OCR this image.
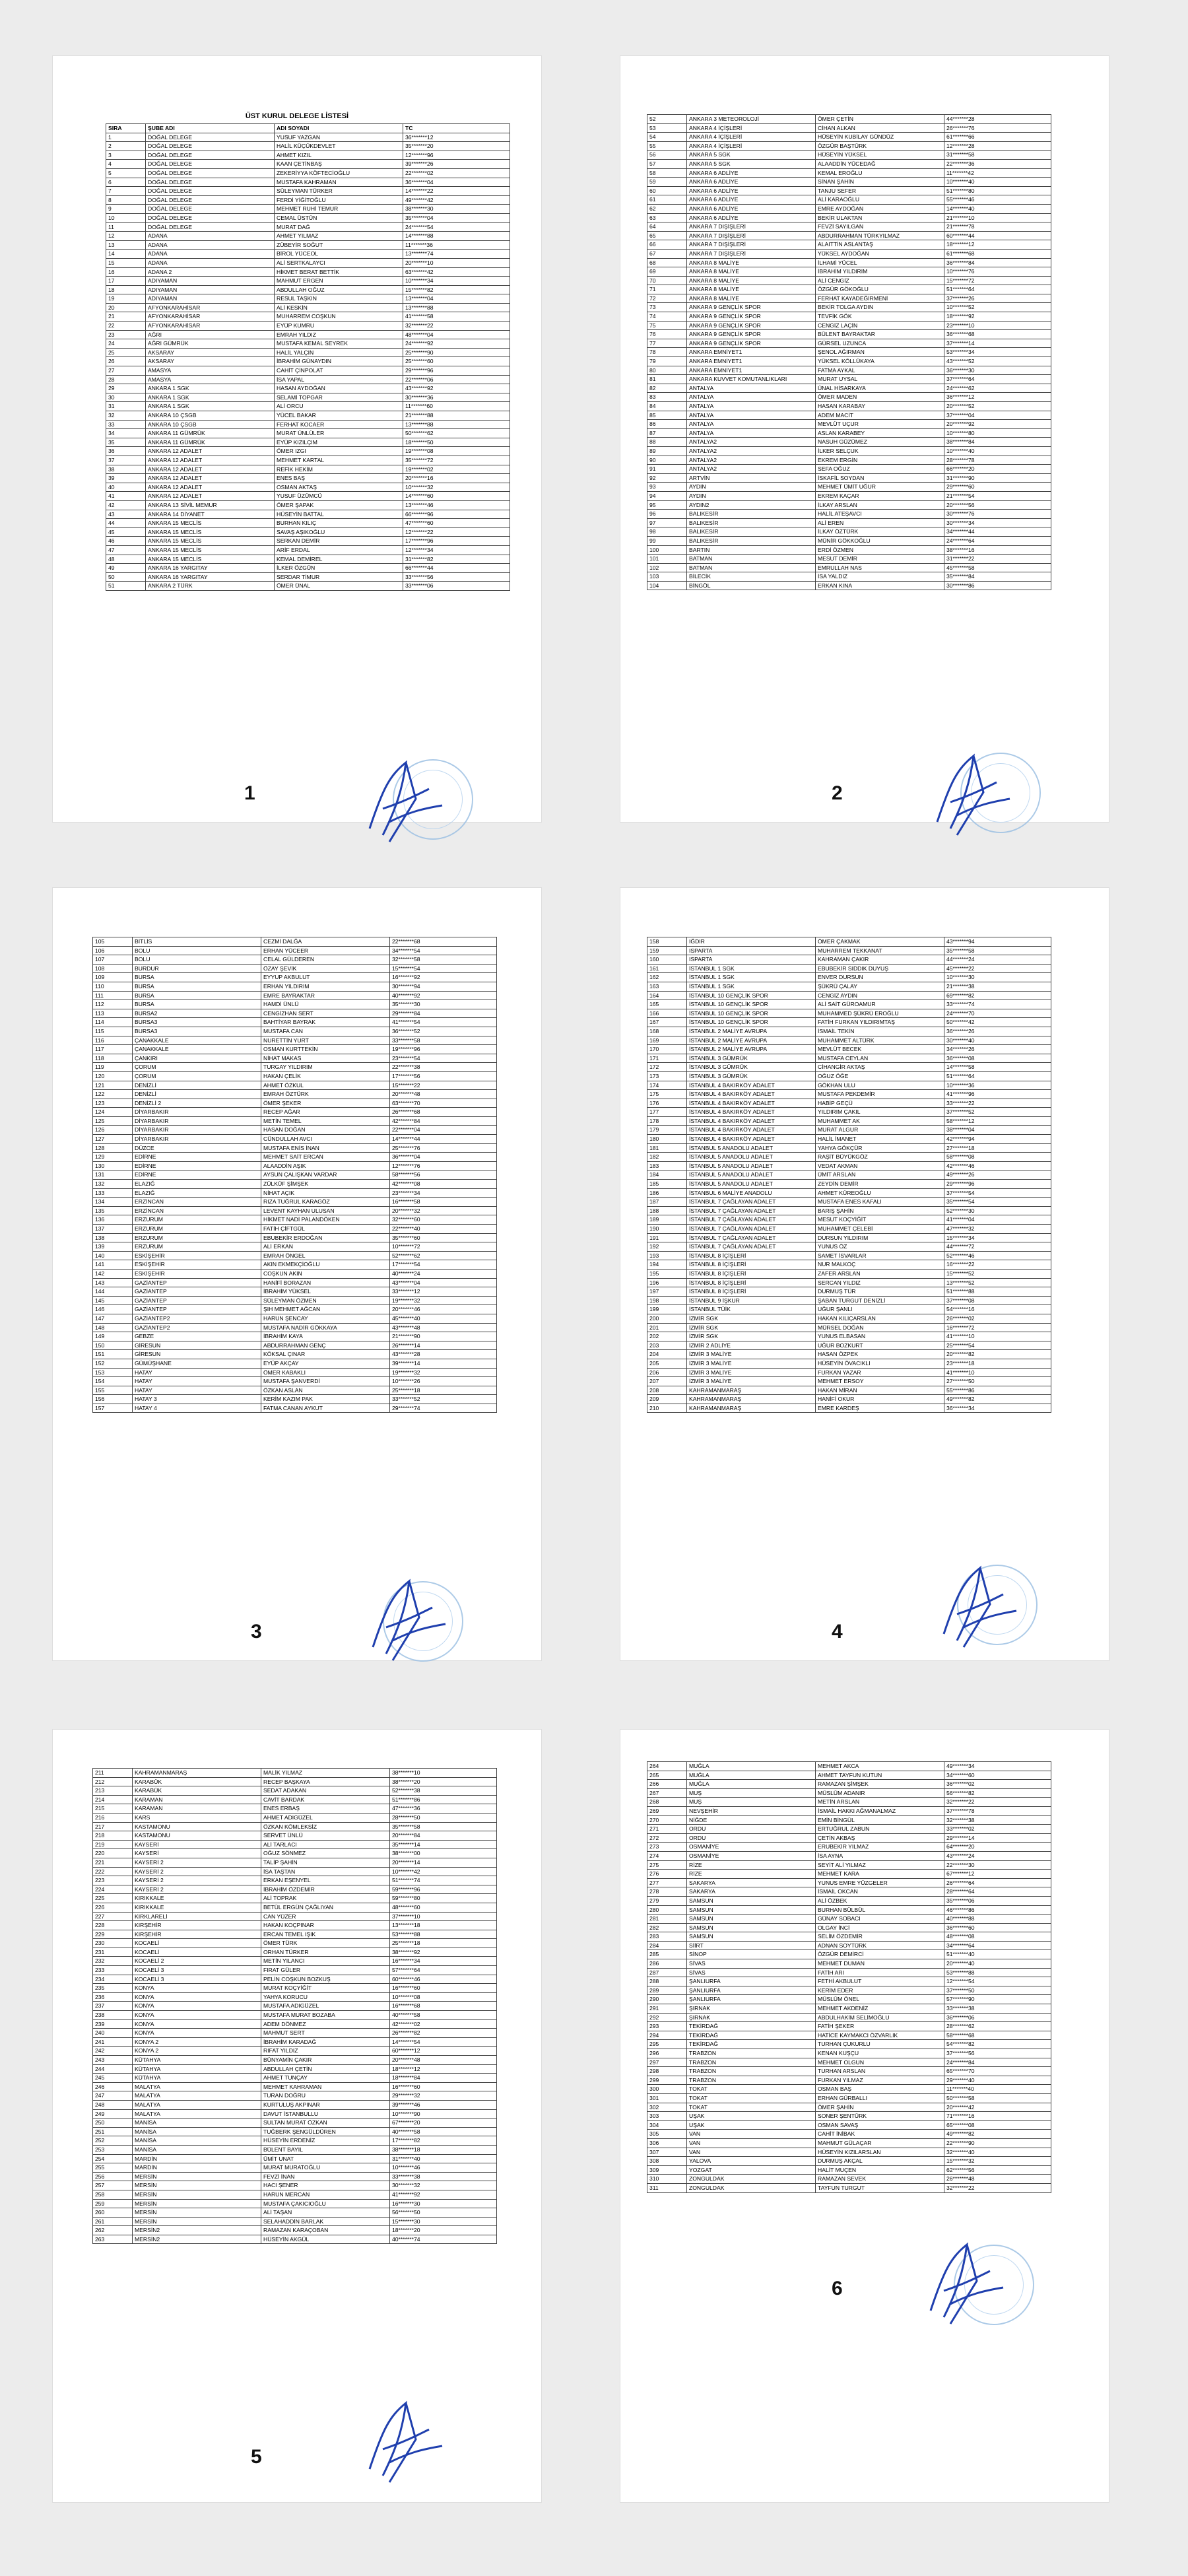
ÜST KURUL DELEGE LİSTESİ
SIRA	ŞUBE ADI	ADI SOYADI	TC
1	DOĞAL DELEGE	YUSUF YAZGAN	36*******12
2	DOĞAL DELEGE	HALİL KÜÇÜKDEVLET	35*******20
3	DOĞAL DELEGE	AHMET KIZIL	12*******96
4	DOĞAL DELEGE	KAAN ÇETİNBAŞ	39*******26
5	DOĞAL DELEGE	ZEKERİYYA KÖFTECİOĞLU	22*******02
6	DOĞAL DELEGE	MUSTAFA KAHRAMAN	36*******04
7	DOĞAL DELEGE	SÜLEYMAN TÜRKER	14*******22
8	DOĞAL DELEGE	FERDİ YİĞİTOĞLU	49*******42
9	DOĞAL DELEGE	MEHMET RUHİ TEMUR	38*******30
10	DOĞAL DELEGE	CEMAL ÜSTÜN	35*******04
11	DOĞAL DELEGE	MURAT DAĞ	24*******54
12	ADANA	AHMET YILMAZ	14*******88
13	ADANA	ZÜBEYİR SOĞUT	11*******36
14	ADANA	BİROL YÜCEOL	13*******74
15	ADANA	ALİ SERTKALAYCI	20*******10
16	ADANA 2	HİKMET BERAT BETTİK	63*******42
17	ADIYAMAN	MAHMUT ERGEN	10*******34
18	ADIYAMAN	ABDULLAH OĞUZ	15*******82
19	ADIYAMAN	RESUL TAŞKIN	13*******04
20	AFYONKARAHİSAR	ALİ KESKİN	13*******88
21	AFYONKARAHİSAR	MUHARREM COŞKUN	41*******58
22	AFYONKARAHİSAR	EYÜP KUMRU	32*******22
23	AĞRI	EMRAH YILDIZ	48*******04
24	AĞRI GÜMRÜK	MUSTAFA KEMAL SEYREK	24*******92
25	AKSARAY	HALİL YALÇIN	25*******90
26	AKSARAY	İBRAHİM GÜNAYDIN	25*******60
27	AMASYA	CAHİT ÇİNPOLAT	29*******96
28	AMASYA	İSA YAPAL	22*******06
29	ANKARA 1 SGK	HASAN AYDOĞAN	43*******92
30	ANKARA 1 SGK	SELAMİ TOPGAR	30*******36
31	ANKARA 1 SGK	ALİ ORCU	11*******60
32	ANKARA 10 ÇSGB	YÜCEL BAKAR	21*******88
33	ANKARA 10 ÇSGB	FERHAT KOCAER	13*******88
34	ANKARA 11 GÜMRÜK	MURAT ÜNLÜLER	50*******62
35	ANKARA 11 GÜMRÜK	EYÜP KIZILÇIM	18*******50
36	ANKARA 12 ADALET	ÖMER IZGI	19*******08
37	ANKARA 12 ADALET	MEHMET KARTAL	35*******72
38	ANKARA 12 ADALET	REFİK HEKİM	19*******02
39	ANKARA 12 ADALET	ENES BAŞ	20*******16
40	ANKARA 12 ADALET	OSMAN AKTAŞ	10*******32
41	ANKARA 12 ADALET	YUSUF ÜZÜMCÜ	14*******60
42	ANKARA 13 SİVİL MEMUR	ÖMER ŞAPAK	13*******46
43	ANKARA 14 DİYANET	HÜSEYİN BATTAL	66*******96
44	ANKARA 15 MECLİS	BURHAN KILIÇ	47*******60
45	ANKARA 15 MECLİS	SAVAŞ AŞIKOĞLU	12*******22
46	ANKARA 15 MECLİS	SERKAN DEMİR	17*******96
47	ANKARA 15 MECLİS	ARİF ERDAL	12*******34
48	ANKARA 15 MECLİS	KEMAL DEMİREL	31*******82
49	ANKARA 16 YARGITAY	İLKER ÖZGÜN	66*******44
50	ANKARA 16 YARGITAY	SERDAR TİMUR	33*******56
51	ANKARA 2 TÜRK	ÖMER ÜNAL	33*******06
1
52	ANKARA 3 METEOROLOJİ	ÖMER ÇETİN	44*******28
53	ANKARA 4 İÇİŞLERİ	CİHAN ALKAN	26*******76
54	ANKARA 4 İÇİŞLERİ	HÜSEYİN KUBİLAY GÜNDÜZ	61*******66
55	ANKARA 4 İÇİŞLERİ	ÖZGÜR BAŞTÜRK	12*******28
56	ANKARA 5 SGK	HÜSEYİN YÜKSEL	31*******58
57	ANKARA 5 SGK	ALAADDİN YÜCEDAĞ	22*******36
58	ANKARA 6 ADLİYE	KEMAL EROĞLU	11*******42
59	ANKARA 6 ADLİYE	SİNAN ŞAHİN	10*******40
60	ANKARA 6 ADLİYE	TANJU SEFER	51*******80
61	ANKARA 6 ADLİYE	ALİ KARAOĞLU	55*******46
62	ANKARA 6 ADLİYE	EMRE AYDOĞAN	14*******40
63	ANKARA 6 ADLİYE	BEKİR ULAKTAN	21*******10
64	ANKARA 7 DIŞİŞLERİ	FEVZİ SAYILGAN	21*******78
65	ANKARA 7 DIŞİŞLERİ	ABDURRAHMAN TÜRKYILMAZ	60*******44
66	ANKARA 7 DIŞİŞLERİ	ALAITTİN ASLANTAŞ	18*******12
67	ANKARA 7 DIŞİŞLERİ	YÜKSEL AYDOĞAN	61*******68
68	ANKARA 8 MALİYE	İLHAMİ YÜCEL	36*******84
69	ANKARA 8 MALİYE	İBRAHİM YILDIRIM	10*******76
70	ANKARA 8 MALİYE	ALİ CENGİZ	15*******72
71	ANKARA 8 MALİYE	ÖZGÜR GÖKOĞLU	51*******64
72	ANKARA 8 MALİYE	FERHAT KAYADEĞİRMENİ	37*******26
73	ANKARA 9 GENÇLİK SPOR	BEKİR TOLGA AYDIN	10*******52
74	ANKARA 9 GENÇLİK SPOR	TEVFİK GÖK	18*******92
75	ANKARA 9 GENÇLİK SPOR	CENGİZ LAÇİN	23*******10
76	ANKARA 9 GENÇLİK SPOR	BÜLENT BAYRAKTAR	36*******68
77	ANKARA 9 GENÇLİK SPOR	GÜRSEL UZUNCA	37*******14
78	ANKARA EMNİYET1	ŞENOL AĞIRMAN	53*******34
79	ANKARA EMNİYET1	YÜKSEL KÖLLÜKAYA	43*******52
80	ANKARA EMNİYET1	FATMA AYKAL	36*******30
81	ANKARA KUVVET KOMUTANLIKLARI	MURAT UYSAL	37*******64
82	ANTALYA	ÜNAL HİSARKAYA	24*******62
83	ANTALYA	ÖMER MADEN	36*******12
84	ANTALYA	HASAN KARABAY	20*******52
85	ANTALYA	ADEM MACİT	37*******04
86	ANTALYA	MEVLÜT UÇUR	20*******92
87	ANTALYA	ASLAN KARABEY	10*******80
88	ANTALYA2	NASUH GÜZÜMEZ	38*******84
89	ANTALYA2	İLKER SELÇUK	10*******40
90	ANTALYA2	EKREM ERGİN	28*******78
91	ANTALYA2	SEFA OĞUZ	66*******20
92	ARTVİN	İSKAFİL SOYDAN	31*******90
93	AYDIN	MEHMET ÜMİT UĞUR	29*******60
94	AYDIN	EKREM KAÇAR	21*******54
95	AYDIN2	İLKAY ARSLAN	20*******56
96	BALIKESİR	HALİL ATEŞAVCI	30*******76
97	BALIKESİR	ALİ EREN	30*******34
98	BALIKESİR	İLKAY ÖZTÜRK	34*******44
99	BALIKESİR	MÜNİR GÖKKOĞLU	24*******64
100	BARTIN	ERDİ ÖZMEN	38*******16
101	BATMAN	MESUT DEMİR	31*******22
102	BATMAN	EMRULLAH NAS	45*******58
103	BİLECİK	İSA YALDIZ	35*******84
104	BİNGÖL	ERKAN KINA	30*******86
2
105	BİTLİS	CEZMİ DALĞA	22*******68
106	BOLU	ERHAN YÜCEER	34*******54
107	BOLU	CELAL GÜLDEREN	32*******58
108	BURDUR	ÖZAY ŞEVİK	15*******54
109	BURSA	EYYUP AKBULUT	16*******92
110	BURSA	ERHAN YILDIRIM	30*******94
111	BURSA	EMRE BAYRAKTAR	40*******92
112	BURSA	HAMDİ ÜNLÜ	35*******30
113	BURSA2	CENGİZHAN SERT	29*******84
114	BURSA3	BAHTİYAR BAYRAK	41*******54
115	BURSA3	MUSTAFA CAN	36*******52
116	ÇANAKKALE	NURETTİN YURT	33*******58
117	ÇANAKKALE	OSMAN KURTTEKİN	19*******96
118	ÇANKIRI	NİHAT MAKAS	23*******54
119	ÇORUM	TURGAY YILDIRIM	22*******38
120	ÇORUM	HAKAN ÇELİK	17*******56
121	DENİZLİ	AHMET ÖZKUL	15*******22
122	DENİZLİ	EMRAH ÖZTÜRK	20*******48
123	DENİZLİ 2	ÖMER ŞEKER	63*******70
124	DİYARBAKIR	RECEP AĞAR	26*******68
125	DİYARBAKIR	METİN TEMEL	42*******84
126	DİYARBAKIR	HASAN DOĞAN	22*******04
127	DİYARBAKIR	CÜNDULLAH AVCI	14*******44
128	DÜZCE	MUSTAFA ENİS İNAN	25*******76
129	EDİRNE	MEHMET SAİT ERCAN	36*******04
130	EDİRNE	ALAADDİN AŞIK	12*******76
131	EDİRNE	AYSUN ÇALIŞKAN VARDAR	58*******56
132	ELAZIĞ	ZÜLKÜF ŞİMŞEK	42*******08
133	ELAZIĞ	NİHAT AÇIK	23*******34
134	ERZİNCAN	RIZA TUĞRUL KARAGÖZ	16*******58
135	ERZİNCAN	LEVENT KAYHAN ULUSAN	20*******32
136	ERZURUM	HİKMET NADİ PALANDÖKEN	32*******60
137	ERZURUM	FATİH ÇİFTGÜL	22*******40
138	ERZURUM	EBUBEKİR ERDOĞAN	35*******60
139	ERZURUM	ALİ ERKAN	10*******72
140	ESKİŞEHİR	EMRAH ÖNGEL	52*******62
141	ESKİŞEHİR	AKIN EKMEKÇİOĞLU	17*******54
142	ESKİŞEHİR	COŞKUN AKIN	40*******24
143	GAZİANTEP	HANİFİ BORAZAN	43*******04
144	GAZİANTEP	İBRAHİM YÜKSEL	33*******12
145	GAZİANTEP	SÜLEYMAN ÖZMEN	19*******32
146	GAZİANTEP	ŞIH MEHMET AĞCAN	20*******46
147	GAZİANTEP2	HARUN ŞENCAY	45*******40
148	GAZİANTEP2	MUSTAFA NADİR GÖKKAYA	43*******48
149	GEBZE	İBRAHİM KAYA	21*******90
150	GİRESUN	ABDURRAHMAN GENÇ	26*******14
151	GİRESUN	KÖKSAL ÇINAR	43*******28
152	GÜMÜŞHANE	EYÜP AKÇAY	39*******14
153	HATAY	ÖMER KABAKLI	19*******32
154	HATAY	MUSTAFA ŞANVERDİ	10*******26
155	HATAY	ÖZKAN ASLAN	25*******18
156	HATAY 3	KERİM KAZIM PAK	33*******52
157	HATAY 4	FATMA CANAN AYKUT	29*******74
3
158	IĞDIR	ÖMER ÇAKMAK	43*******94
159	ISPARTA	MUHARREM TEKKANAT	35*******58
160	ISPARTA	KAHRAMAN ÇAKIR	44*******24
161	İSTANBUL 1 SGK	EBUBEKİR SIDDIK DUYUŞ	45*******22
162	İSTANBUL 1 SGK	ENVER DURSUN	10*******30
163	İSTANBUL 1 SGK	ŞÜKRÜ ÇALAY	21*******38
164	İSTANBUL 10 GENÇLİK SPOR	CENGİZ AYDIN	69*******82
165	İSTANBUL 10 GENÇLİK SPOR	ALİ SAİT GÜROAMUR	33*******74
166	İSTANBUL 10 GENÇLİK SPOR	MUHAMMED ŞÜKRÜ EROĞLU	24*******70
167	İSTANBUL 10 GENÇLİK SPOR	FATİH FURKAN YILDIRIMTAŞ	50*******42
168	İSTANBUL 2 MALİYE AVRUPA	İSMAİL TEKİN	36*******26
169	İSTANBUL 2 MALİYE AVRUPA	MUHAMMET ALTÜRK	30*******40
170	İSTANBUL 2 MALİYE AVRUPA	MEVLÜT BECEK	34*******26
171	İSTANBUL 3 GÜMRÜK	MUSTAFA CEYLAN	36*******08
172	İSTANBUL 3 GÜMRÜK	CİHANGİR AKTAŞ	14*******58
173	İSTANBUL 3 GÜMRÜK	OĞUZ ÖĞE	51*******64
174	İSTANBUL 4 BAKIRKÖY ADALET	GÖKHAN ULU	10*******36
175	İSTANBUL 4 BAKIRKÖY ADALET	MUSTAFA PEKDEMİR	41*******96
176	İSTANBUL 4 BAKIRKÖY ADALET	HABİP GEÇÜ	33*******22
177	İSTANBUL 4 BAKIRKÖY ADALET	YILDIRIM ÇAKIL	37*******52
178	İSTANBUL 4 BAKIRKÖY ADALET	MUHAMMET AK	58*******12
179	İSTANBUL 4 BAKIRKÖY ADALET	MURAT ALGUR	38*******04
180	İSTANBUL 4 BAKIRKÖY ADALET	HALİL İMANET	42*******94
181	İSTANBUL 5 ANADOLU ADALET	YAHYA GÖKÇÜR	27*******18
182	İSTANBUL 5 ANADOLU ADALET	RAŞİT BÜYÜKGÖZ	58*******08
183	İSTANBUL 5 ANADOLU ADALET	VEDAT AKMAN	42*******46
184	İSTANBUL 5 ANADOLU ADALET	ÜMİT ARSLAN	49*******26
185	İSTANBUL 5 ANADOLU ADALET	ZEYDİN DEMİR	29*******96
186	İSTANBUL 6 MALİYE ANADOLU	AHMET KÜREOĞLU	37*******54
187	İSTANBUL 7 ÇAĞLAYAN ADALET	MUSTAFA ENES KAFALI	35*******54
188	İSTANBUL 7 ÇAĞLAYAN ADALET	BARIŞ ŞAHİN	52*******30
189	İSTANBUL 7 ÇAĞLAYAN ADALET	MESUT KOÇYİĞİT	41*******04
190	İSTANBUL 7 ÇAĞLAYAN ADALET	MUHAMMET ÇELEBİ	47*******32
191	İSTANBUL 7 ÇAĞLAYAN ADALET	DURSUN YILDIRIM	15*******34
192	İSTANBUL 7 ÇAĞLAYAN ADALET	YUNUS ÖZ	44*******72
193	İSTANBUL 8 İÇİŞLERİ	SAMET İSVARLAR	52*******46
194	İSTANBUL 8 İÇİŞLERİ	NUR MALKOÇ	16*******22
195	İSTANBUL 8 İÇİŞLERİ	ZAFER ARSLAN	15*******52
196	İSTANBUL 8 İÇİŞLERİ	SERCAN YILDIZ	13*******52
197	İSTANBUL 8 İÇİŞLERİ	DURMUŞ TÜR	51*******88
198	İSTANBUL 9 İŞKUR	ŞABAN TURGUT DENİZLİ	37*******08
199	İSTANBUL TÜİK	UĞUR ŞANLI	54*******16
200	İZMİR SGK	HAKAN KILIÇARSLAN	26*******02
201	İZMİR SGK	MÜRSEL DOĞAN	16*******72
202	İZMİR SGK	YUNUS ELBASAN	41*******10
203	İZMİR 2 ADLİYE	UĞUR BOZKURT	25*******54
204	İZMİR 3 MALİYE	HASAN ÖZPEK	20*******82
205	İZMİR 3 MALİYE	HÜSEYİN ÖVACIKLI	23*******18
206	İZMİR 3 MALİYE	FURKAN YAZAR	41*******10
207	İZMİR 3 MALİYE	MEHMET ERSOY	27*******50
208	KAHRAMANMARAŞ	HAKAN MİRAN	55*******86
209	KAHRAMANMARAŞ	HANİFİ OKUR	49*******82
210	KAHRAMANMARAŞ	EMRE KARDEŞ	36*******34
4
211	KAHRAMANMARAŞ	MALİK YILMAZ	38*******10
212	KARABÜK	RECEP BAŞKAYA	38*******20
213	KARABÜK	SEDAT ADAKAN	52*******38
214	KARAMAN	CAVİT BARDAK	51*******86
215	KARAMAN	ENES ERBAŞ	47*******36
216	KARS	AHMET ADIGÜZEL	28*******50
217	KASTAMONU	ÖZKAN KÖMLEKSİZ	35*******58
218	KASTAMONU	SERVET ÜNLÜ	20*******84
219	KAYSERİ	ALİ TARLACI	35*******14
220	KAYSERİ	OĞUZ SÖNMEZ	38*******00
221	KAYSERİ 2	TALİP ŞAHİN	20*******14
222	KAYSERİ 2	İSA TAŞTAN	10*******42
223	KAYSERİ 2	ERKAN EŞENYEL	51*******74
224	KAYSERİ 2	İBRAHİM ÖZDEMİR	59*******96
225	KIRIKKALE	ALİ TOPRAK	59*******80
226	KIRIKKALE	BETÜL ERGÜN ÇAĞLIYAN	48*******60
227	KIRKLARELİ	CAN YÜZER	37*******10
228	KIRŞEHİR	HAKAN KOÇPINAR	13*******18
229	KIRŞEHİR	ERCAN TEMEL IŞIK	53*******88
230	KOCAELİ	ÖMER TÜRK	25*******18
231	KOCAELİ	ORHAN TÜRKER	38*******92
232	KOCAELİ 2	METİN YILANCI	16*******34
233	KOCAELİ 3	FIRAT GÜLER	57*******64
234	KOCAELİ 3	PELİN COŞKUN BOZKUŞ	60*******46
235	KONYA	MURAT KOÇYİĞİT	16*******60
236	KONYA	YAHYA KORUCU	10*******08
237	KONYA	MUSTAFA ADIGÜZEL	16*******68
238	KONYA	MUSTAFA MURAT BOZABA	40*******58
239	KONYA	ADEM DÖNMEZ	42*******02
240	KONYA	MAHMUT SERT	26*******82
241	KONYA 2	İBRAHİM KARADAĞ	14*******54
242	KONYA 2	RIFAT YILDIZ	60*******12
243	KÜTAHYA	BÜNYAMİN ÇAKIR	20*******48
244	KÜTAHYA	ABDULLAH ÇETİN	18*******12
245	KÜTAHYA	AHMET TUNÇAY	18*******84
246	MALATYA	MEHMET KAHRAMAN	16*******60
247	MALATYA	TURAN DOĞRU	29*******32
248	MALATYA	KURTULUŞ AKPINAR	39*******46
249	MALATYA	DAVUT İSTANBULLU	10*******90
250	MANİSA	SULTAN MURAT ÖZKAN	67*******20
251	MANİSA	TUĞBERK ŞENGÜLDÜREN	40*******58
252	MANİSA	HÜSEYİN ERDENİZ	17*******82
253	MANİSA	BÜLENT BAYIL	38*******18
254	MARDİN	ÜMİT UNAT	31*******40
255	MARDİN	MURAT MURATOĞLU	10*******46
256	MERSİN	FEVZİ İNAN	33*******38
257	MERSİN	HACI ŞENER	30*******32
258	MERSİN	HARUN MERCAN	41*******92
259	MERSİN	MUSTAFA ÇAKICIOĞLU	16*******30
260	MERSİN	ALİ TAŞAN	56*******50
261	MERSİN	SELAHADDİN BARLAK	15*******30
262	MERSİN2	RAMAZAN KARAÇOBAN	18*******20
263	MERSİN2	HÜSEYİN AKGÜL	40*******74
5
264	MUĞLA	MEHMET AKCA	49*******34
265	MUĞLA	AHMET TAYFUN KUTUN	34*******60
266	MUĞLA	RAMAZAN ŞİMŞEK	36*******02
267	MUŞ	MÜSLÜM ADANIR	56*******82
268	MUŞ	METİN ARSLAN	32*******22
269	NEVŞEHİR	İSMAİL HAKKI AĞMANALMAZ	37*******78
270	NİĞDE	EMİN BİNGÜL	32*******38
271	ORDU	ERTUĞRUL ZABUN	33*******02
272	ORDU	ÇETİN AKBAŞ	29*******14
273	OSMANİYE	ERUBEKİR YILMAZ	64*******20
274	OSMANİYE	İSA AYNA	43*******24
275	RİZE	SEYİT ALİ YILMAZ	22*******30
276	RİZE	MEHMET KARA	67*******12
277	SAKARYA	YUNUS EMRE YÜZGELER	26*******64
278	SAKARYA	İSMAİL OKCAN	28*******64
279	SAMSUN	ALİ ÖZBEK	35*******06
280	SAMSUN	BURHAN BÜLBÜL	46*******86
281	SAMSUN	GÜNAY SOBACI	40*******88
282	SAMSUN	OLGAY İNCİ	36*******60
283	SAMSUN	SELİM ÖZDEMİR	48*******08
284	SİİRT	ADNAN SOYTÜRK	34*******64
285	SİNOP	ÖZGÜR DEMİRCİ	51*******40
286	SİVAS	MEHMET DUMAN	20*******40
287	SİVAS	FATİH ARI	53*******88
288	ŞANLIURFA	FETHİ AKBULUT	12*******54
289	ŞANLIURFA	KERİM EDER	37*******50
290	ŞANLIURFA	MÜSLÜM ÖNEL	57*******90
291	ŞIRNAK	MEHMET AKDENİZ	33*******38
292	ŞIRNAK	ABDULHAKİM SELİMOĞLU	36*******06
293	TEKİRDAĞ	FATİH ŞEKER	28*******62
294	TEKİRDAĞ	HATİCE KAYMAKCI ÖZVARLIK	58*******68
295	TEKİRDAĞ	TURHAN ÇUKURLU	54*******82
296	TRABZON	KENAN KUŞÇU	37*******56
297	TRABZON	MEHMET OLGUN	24*******84
298	TRABZON	TURHAN ARSLAN	65*******70
299	TRABZON	FURKAN YILMAZ	29*******40
300	TOKAT	OSMAN BAŞ	11*******40
301	TOKAT	ERHAN GÜRBALLI	50*******58
302	TOKAT	ÖMER ŞAHİN	20*******42
303	UŞAK	SONER ŞENTÜRK	71*******16
304	UŞAK	OSMAN SAVAŞ	65*******08
305	VAN	CAHİT İNİBAK	49*******82
306	VAN	MAHMUT GÜLAÇAR	22*******90
307	VAN	HÜSEYİN KIZILARSLAN	32*******40
308	YALOVA	DURMUŞ AKÇAL	15*******32
309	YOZGAT	HALİT MUÇEN	62*******56
310	ZONGULDAK	RAMAZAN SEVEK	26*******48
311	ZONGULDAK	TAYFUN TURGUT	32*******22
6
